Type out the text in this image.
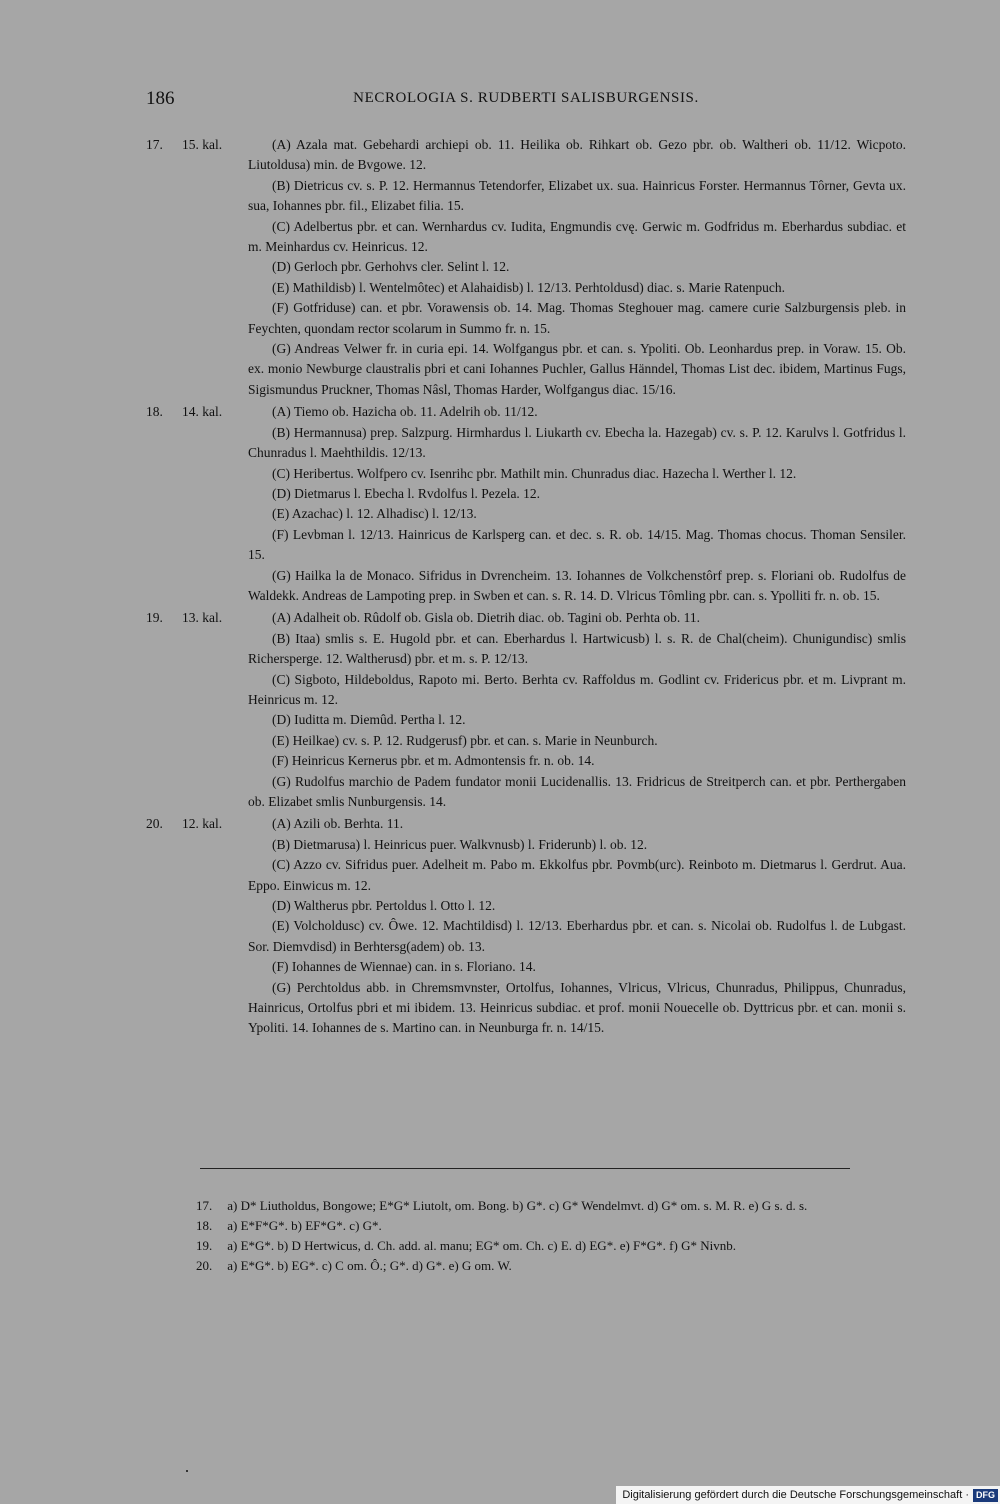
186	NECROLOGIA S. RUDBERTI SALISBURGENSIS.
17. 15. kal.	(A) Azala mat. Gebehardi archiepi ob. 11. Heilika ob. Rihkart ob. Gezo pbr. ob. Waltheri ob. 11/12. Wicpoto. Liutoldusa) min. de Bvgowe. 12.
(B) Dietricus cv. s. P. 12. Hermannus Tetendorfer, Elizabet ux. sua. Hainricus Forster. Hermannus Tôrner, Gevta ux. sua, Iohannes pbr. fil., Elizabet filia. 15.
(C) Adelbertus pbr. et can. Wernhardus cv. Iudita, Engmundis cvę. Gerwic m. Godfridus m. Eberhardus subdiac. et m. Meinhardus cv. Heinricus. 12.
(D) Gerloch pbr. Gerhohvs cler. Selint l. 12.
(E) Mathildisb) l. Wentelmôtec) et Alahaidisb) l. 12/13. Perhtoldusd) diac. s. Marie Ratenpuch.
(F) Gotfriduse) can. et pbr. Vorawensis ob. 14. Mag. Thomas Steghouer mag. camere curie Salzburgensis pleb. in Feychten, quondam rector scolarum in Summo fr. n. 15.
(G) Andreas Velwer fr. in curia epi. 14. Wolfgangus pbr. et can. s. Ypoliti. Ob. Leonhardus prep. in Voraw. 15. Ob. ex. monio Newburge claustralis pbri et cani Iohannes Puchler, Gallus Hänndel, Thomas List dec. ibidem, Martinus Fugs, Sigismundus Pruckner, Thomas Nâsl, Thomas Harder, Wolfgangus diac. 15/16.
18. 14. kal.	(A) Tiemo ob. Hazicha ob. 11. Adelrih ob. 11/12.
(B) Hermannusa) prep. Salzpurg. Hirmhardus l. Liukarth cv. Ebecha la. Hazegab) cv. s. P. 12. Karulvs l. Gotfridus l. Chunradus l. Maehthildis. 12/13.
(C) Heribertus. Wolfpero cv. Isenrihc pbr. Mathilt min. Chunradus diac. Hazecha l. Werther l. 12.
(D) Dietmarus l. Ebecha l. Rvdolfus l. Pezela. 12.
(E) Azachac) l. 12. Alhadisc) l. 12/13.
(F) Levbman l. 12/13. Hainricus de Karlsperg can. et dec. s. R. ob. 14/15. Mag. Thomas chocus. Thoman Sensiler. 15.
(G) Hailka la de Monaco. Sifridus in Dvrencheim. 13. Iohannes de Volkchenstôrf prep. s. Floriani ob. Rudolfus de Waldekk. Andreas de Lampoting prep. in Swben et can. s. R. 14. D. Vlricus Tômling pbr. can. s. Ypolliti fr. n. ob. 15.
19. 13. kal.	(A) Adalheit ob. Rûdolf ob. Gisla ob. Dietrih diac. ob. Tagini ob. Perhta ob. 11.
(B) Itaa) smlis s. E. Hugold pbr. et can. Eberhardus l. Hartwicusb) l. s. R. de Chal(cheim). Chunigundisc) smlis Richersperge. 12. Waltherusd) pbr. et m. s. P. 12/13.
(C) Sigboto, Hildeboldus, Rapoto mi. Berto. Berhta cv. Raffoldus m. Godlint cv. Fridericus pbr. et m. Livprant m. Heinricus m. 12.
(D) Iuditta m. Diemûd. Pertha l. 12.
(E) Heilkae) cv. s. P. 12. Rudgerusf) pbr. et can. s. Marie in Neunburch.
(F) Heinricus Kernerus pbr. et m. Admontensis fr. n. ob. 14.
(G) Rudolfus marchio de Padem fundator monii Lucidenallis. 13. Fridricus de Streitperch can. et pbr. Perthergaben ob. Elizabet smlis Nunburgensis. 14.
20. 12. kal.	(A) Azili ob. Berhta. 11.
(B) Dietmarusa) l. Heinricus puer. Walkvnusb) l. Friderunb) l. ob. 12.
(C) Azzo cv. Sifridus puer. Adelheit m. Pabo m. Ekkolfus pbr. Povmb(urc). Reinboto m. Dietmarus l. Gerdrut. Aua. Eppo. Einwicus m. 12.
(D) Waltherus pbr. Pertoldus l. Otto l. 12.
(E) Volcholdusc) cv. Ôwe. 12. Machtildisd) l. 12/13. Eberhardus pbr. et can. s. Nicolai ob. Rudolfus l. de Lubgast. Sor. Diemvdisd) in Berhtersg(adem) ob. 13.
(F) Iohannes de Wiennae) can. in s. Floriano. 14.
(G) Perchtoldus abb. in Chremsmvnster, Ortolfus, Iohannes, Vlricus, Vlricus, Chunradus, Philippus, Chunradus, Hainricus, Ortolfus pbri et mi ibidem. 13. Heinricus subdiac. et prof. monii Nouecelle ob. Dyttricus pbr. et can. monii s. Ypoliti. 14. Iohannes de s. Martino can. in Neunburga fr. n. 14/15.
17. a) D* Liutholdus, Bongowe; E*G* Liutolt, om. Bong. b) G*. c) G* Wendelmvt. d) G* om. s. M. R. e) G s. d. s.
18. a) E*F*G*. b) EF*G*. c) G*.
19. a) E*G*. b) D Hertwicus, d. Ch. add. al. manu; EG* om. Ch. c) E. d) EG*. e) F*G*. f) G* Nivnb.
20. a) E*G*. b) EG*. c) C om. Ô.; G*. d) G*. e) G om. W.
Digitalisierung gefördert durch die Deutsche Forschungsgemeinschaft · DFG
